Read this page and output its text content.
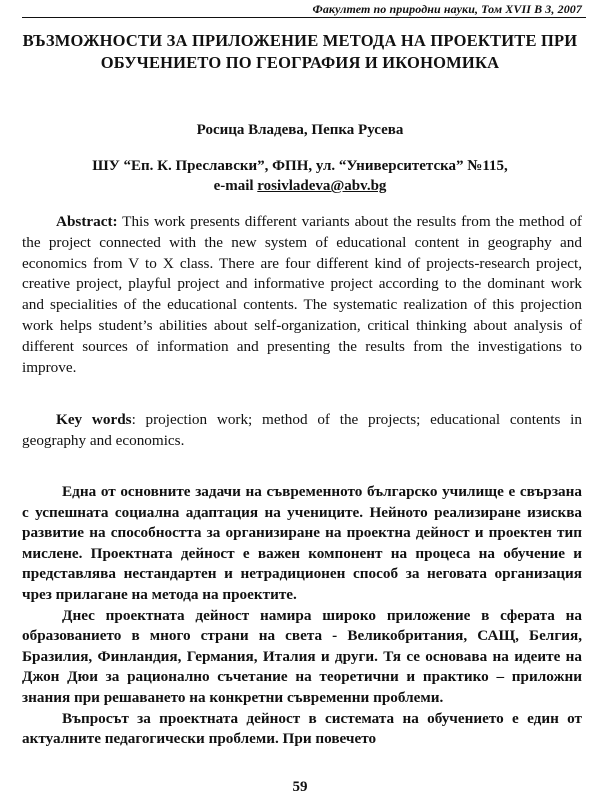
Факултет по природни науки, Том XVII В 3, 2007
ВЪЗМОЖНОСТИ ЗА ПРИЛОЖЕНИЕ МЕТОДА НА ПРОЕКТИТЕ ПРИ ОБУЧЕНИЕТО ПО ГЕОГРАФИЯ И ИКОНОМИКА
Росица Владева, Пепка Русева
ШУ “Еп. К. Преславски”, ФПН, ул. “Университетска” №115,
e-mail rosivladeva@abv.bg

Abstract: This work presents different variants about the results from the method of the project connected with the new system of educational content in geography and economics from V to X class. There are four different kind of projects-research project, creative project, playful project and informative project according to the dominant work and specialities of the educational contents. The systematic realization of this projection work helps student’s abilities about self-organization, critical thinking about analysis of different sources of information and presenting the results from the investigations to improve.

Key words: projection work; method of the projects; educational contents in geography and economics.

Една от основните задачи на съвременното българско училище е свързана с успешната социална адаптация на учениците. Нейното реализиране изисква развитие на способността за организиране на проектна дейност и проектен тип мислене. Проектната дейност е важен компонент на процеса на обучение и представлява нестандартен и нетрадиционен способ за неговата организация чрез прилагане на метода на проектите.

Днес проектната дейност намира широко приложение в сферата на образованието в много страни на света - Великобритания, САЩ, Белгия, Бразилия, Финландия, Германия, Италия и други. Тя се основава на идеите на Джон Дюи за рационално съчетание на теоретични и практико – приложни знания при решаването на конкретни съвременни проблеми.

Въпросът за проектната дейност в системата на обучението е един от актуалните педагогически проблеми. При повечето

59
